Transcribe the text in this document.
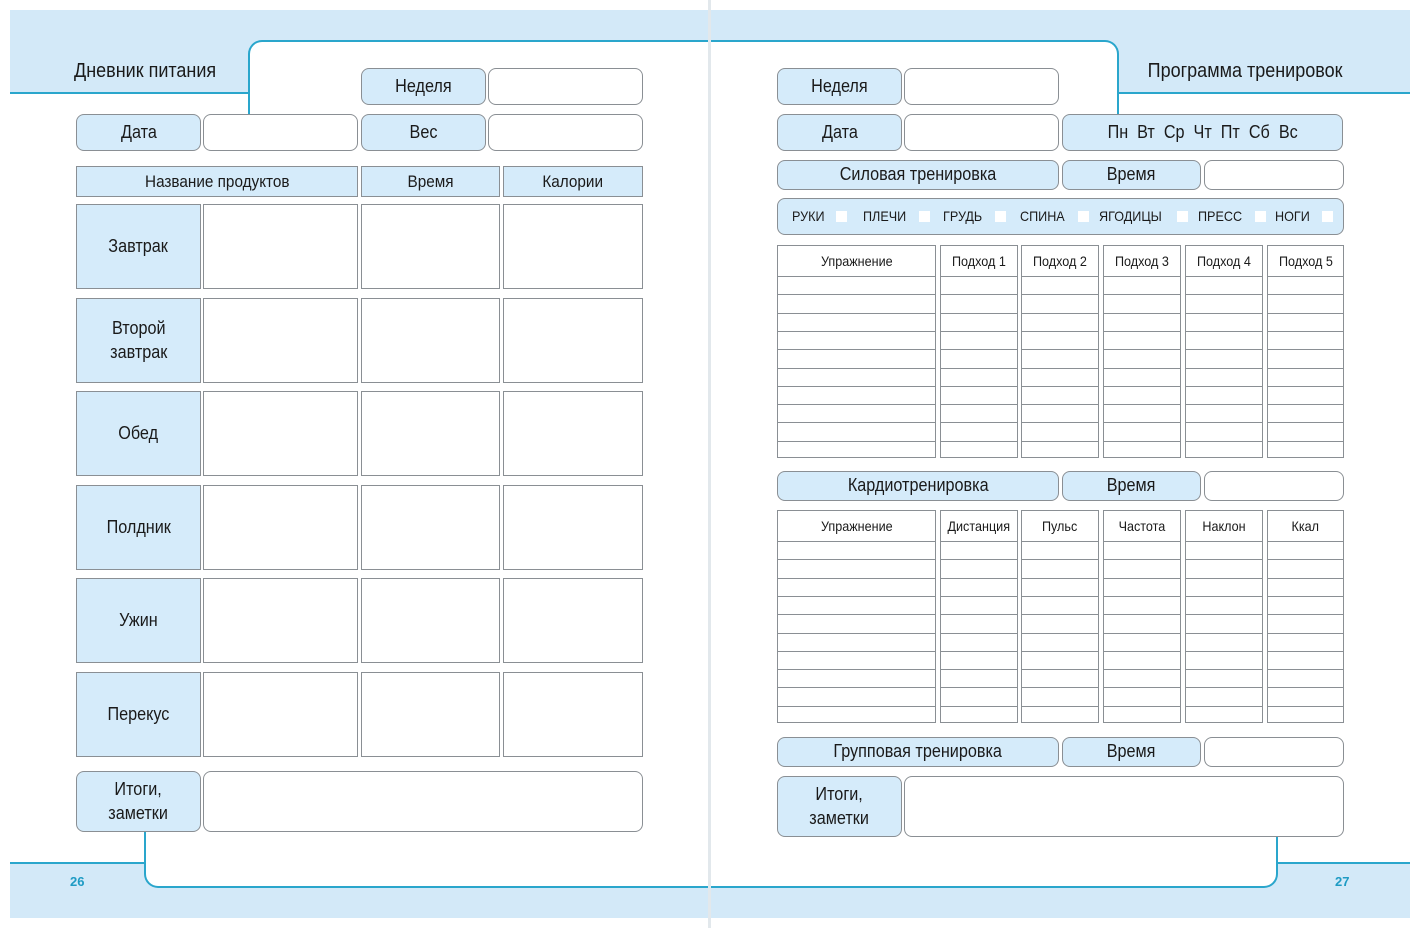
Дневник питания	Программа тренировок
26	27
Неделя
Дата	Вес
Название продуктов	Время	Калории
Завтрак
Второй
завтрак
Обед
Полдник
Ужин
Перекус
Итоги,
заметки
Неделя
Дата	Пн  Вт  Ср  Чт  Пт  Сб  Вс
Силовая тренировка	Время
РУКИ	ПЛЕЧИ	ГРУДЬ	СПИНА ЯГОДИЦЫ	ПРЕСС НОГИ
Упражнение	Подход 1 Подход 2 Подход 3 Подход 4 Подход 5
Кардиотренировка	Время
Упражнение	Дистанция Пульс	Частота	Наклон	Ккал
Групповая тренировка	Время
Итоги,
заметки
